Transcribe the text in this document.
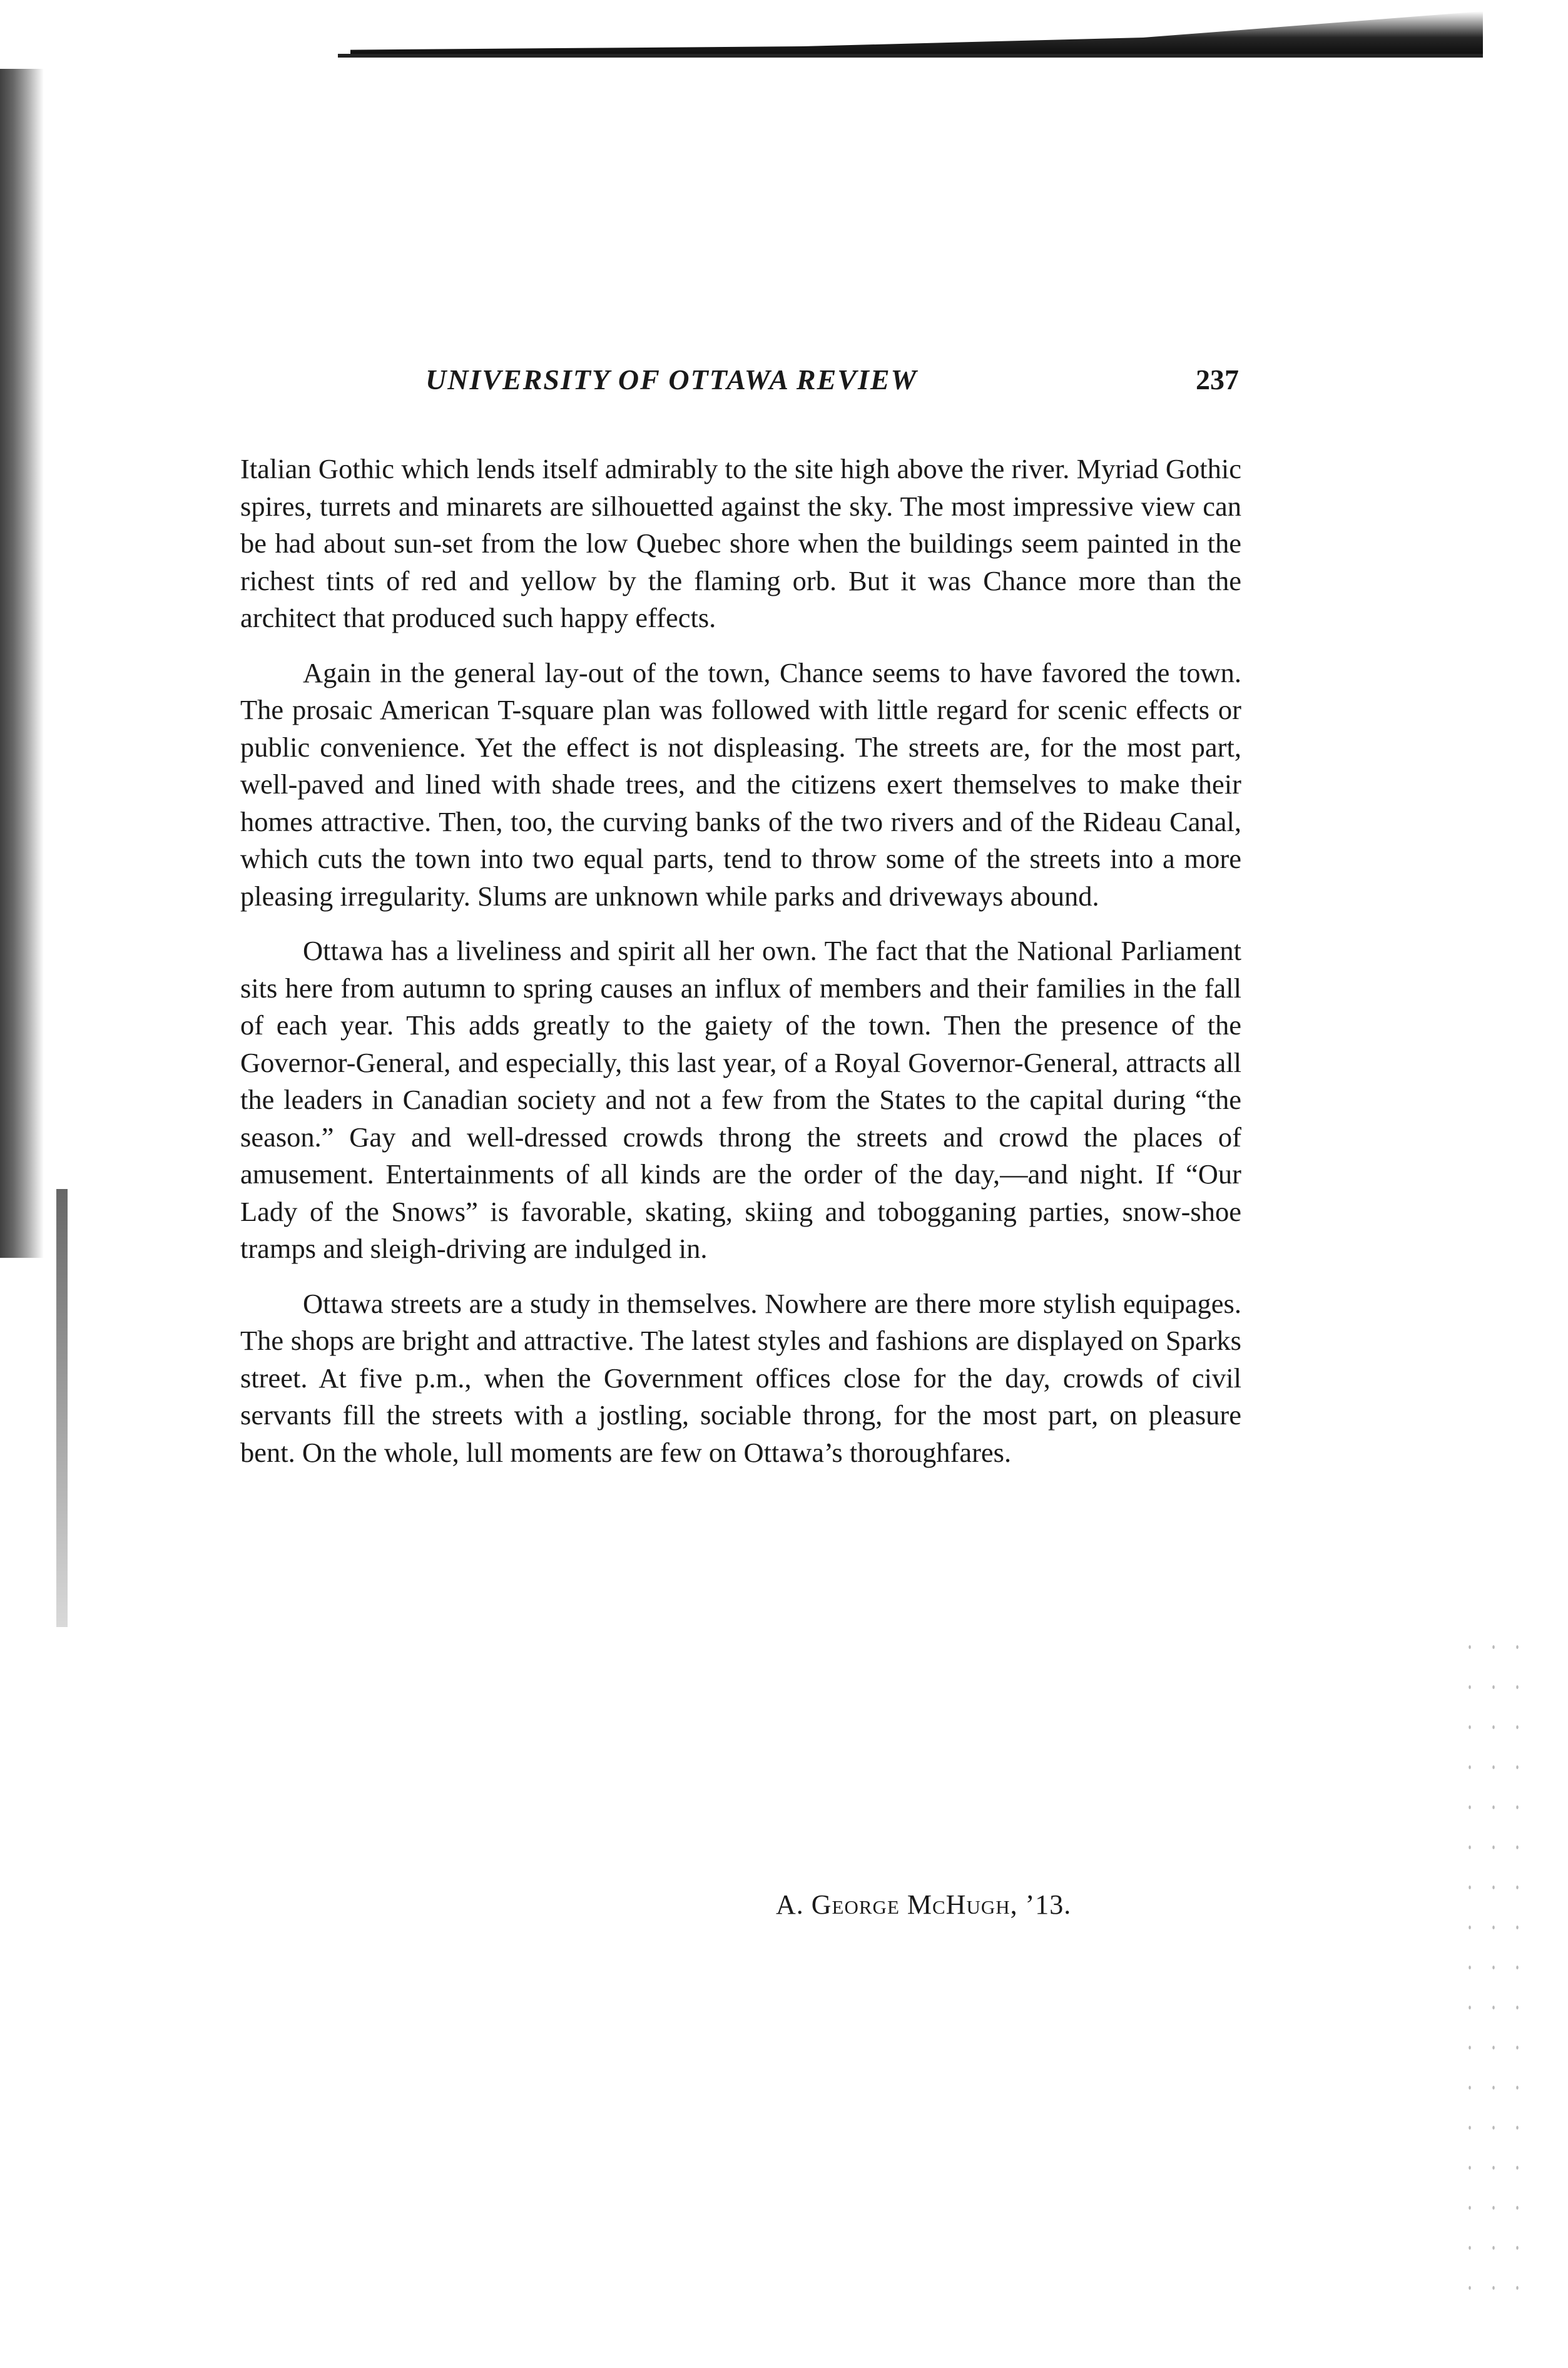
UNIVERSITY OF OTTAWA REVIEW	237

Italian Gothic which lends itself admirably to the site high above the river. Myriad Gothic spires, turrets and minarets are silhouetted against the sky. The most impressive view can be had about sun-set from the low Quebec shore when the buildings seem painted in the richest tints of red and yellow by the flaming orb. But it was Chance more than the architect that produced such happy effects.

Again in the general lay-out of the town, Chance seems to have favored the town. The prosaic American T-square plan was followed with little regard for scenic effects or public convenience. Yet the effect is not displeasing. The streets are, for the most part, well-paved and lined with shade trees, and the citizens exert themselves to make their homes attractive. Then, too, the curving banks of the two rivers and of the Rideau Canal, which cuts the town into two equal parts, tend to throw some of the streets into a more pleasing irregularity. Slums are unknown while parks and driveways abound.

Ottawa has a liveliness and spirit all her own. The fact that the National Parliament sits here from autumn to spring causes an influx of members and their families in the fall of each year. This adds greatly to the gaiety of the town. Then the presence of the Governor-General, and especially, this last year, of a Royal Governor-General, attracts all the leaders in Canadian society and not a few from the States to the capital during “the season.” Gay and well-dressed crowds throng the streets and crowd the places of amusement. Entertainments of all kinds are the order of the day,—and night. If “Our Lady of the Snows” is favorable, skating, skiing and tobogganing parties, snow-shoe tramps and sleigh-driving are indulged in.

Ottawa streets are a study in themselves. Nowhere are there more stylish equipages. The shops are bright and attractive. The latest styles and fashions are displayed on Sparks street. At five p.m., when the Government offices close for the day, crowds of civil servants fill the streets with a jostling, sociable throng, for the most part, on pleasure bent. On the whole, lull moments are few on Ottawa’s thoroughfares.

A. George McHugh, ’13.
